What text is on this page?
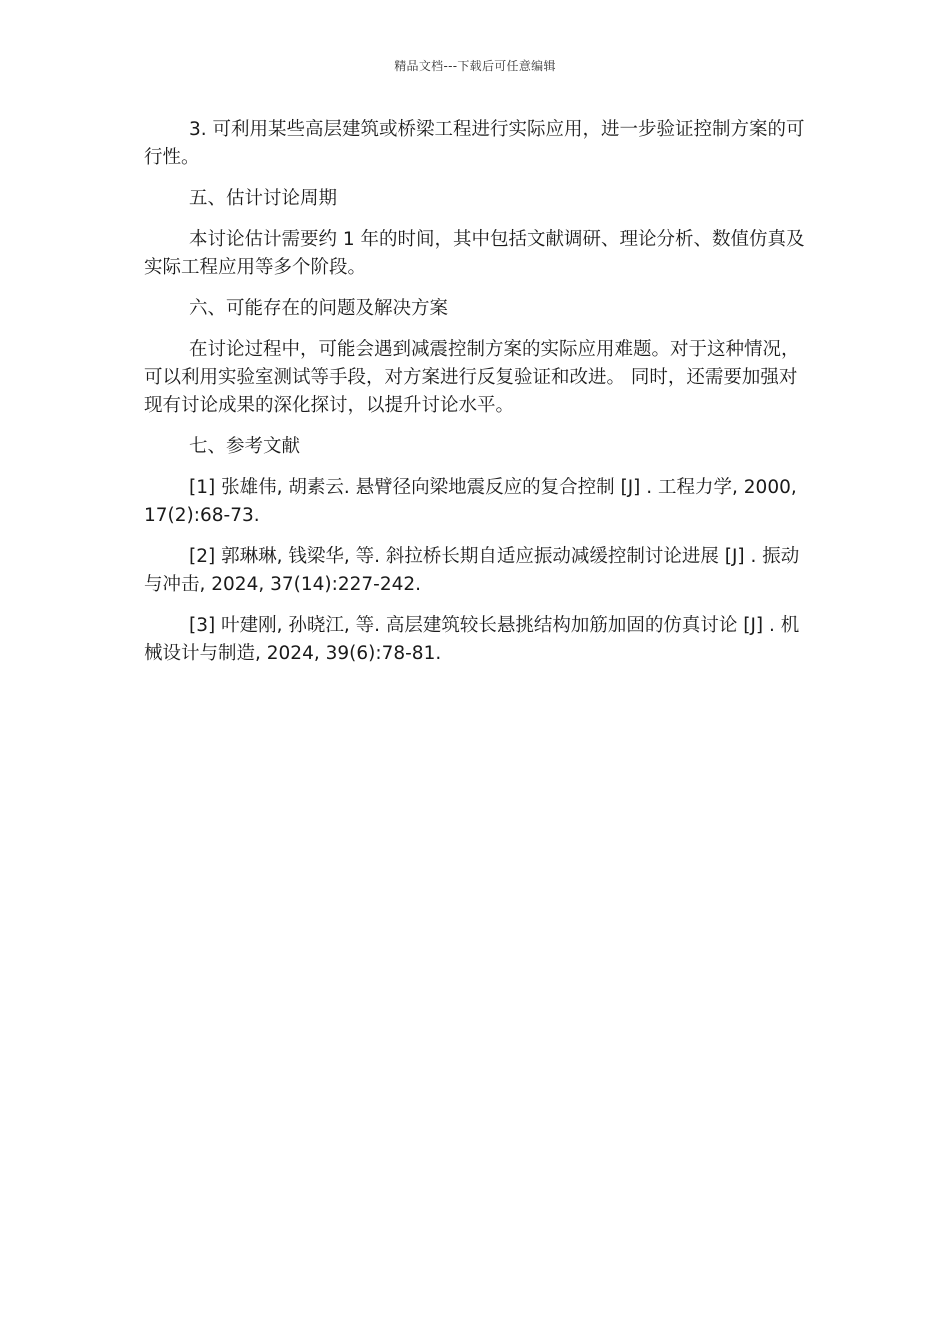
精品文档---下载后可任意编辑

3. 可利用某些高层建筑或桥梁工程进行实际应用，进一步验证控制方案的可行性。

五、估计讨论周期

本讨论估计需要约 1 年的时间，其中包括文献调研、理论分析、数值仿真及实际工程应用等多个阶段。

六、可能存在的问题及解决方案

在讨论过程中，可能会遇到减震控制方案的实际应用难题。对于这种情况，可以利用实验室测试等手段，对方案进行反复验证和改进。 同时，还需要加强对现有讨论成果的深化探讨，以提升讨论水平。

七、参考文献

[1] 张雄伟, 胡素云. 悬臂径向梁地震反应的复合控制 [J] . 工程力学, 2000, 17(2):68-73.

[2] 郭琳琳, 钱梁华, 等. 斜拉桥长期自适应振动减缓控制讨论进展 [J] . 振动与冲击, 2024, 37(14):227-242.

[3] 叶建刚, 孙晓江, 等. 高层建筑较长悬挑结构加筋加固的仿真讨论 [J] . 机械设计与制造, 2024, 39(6):78-81.
